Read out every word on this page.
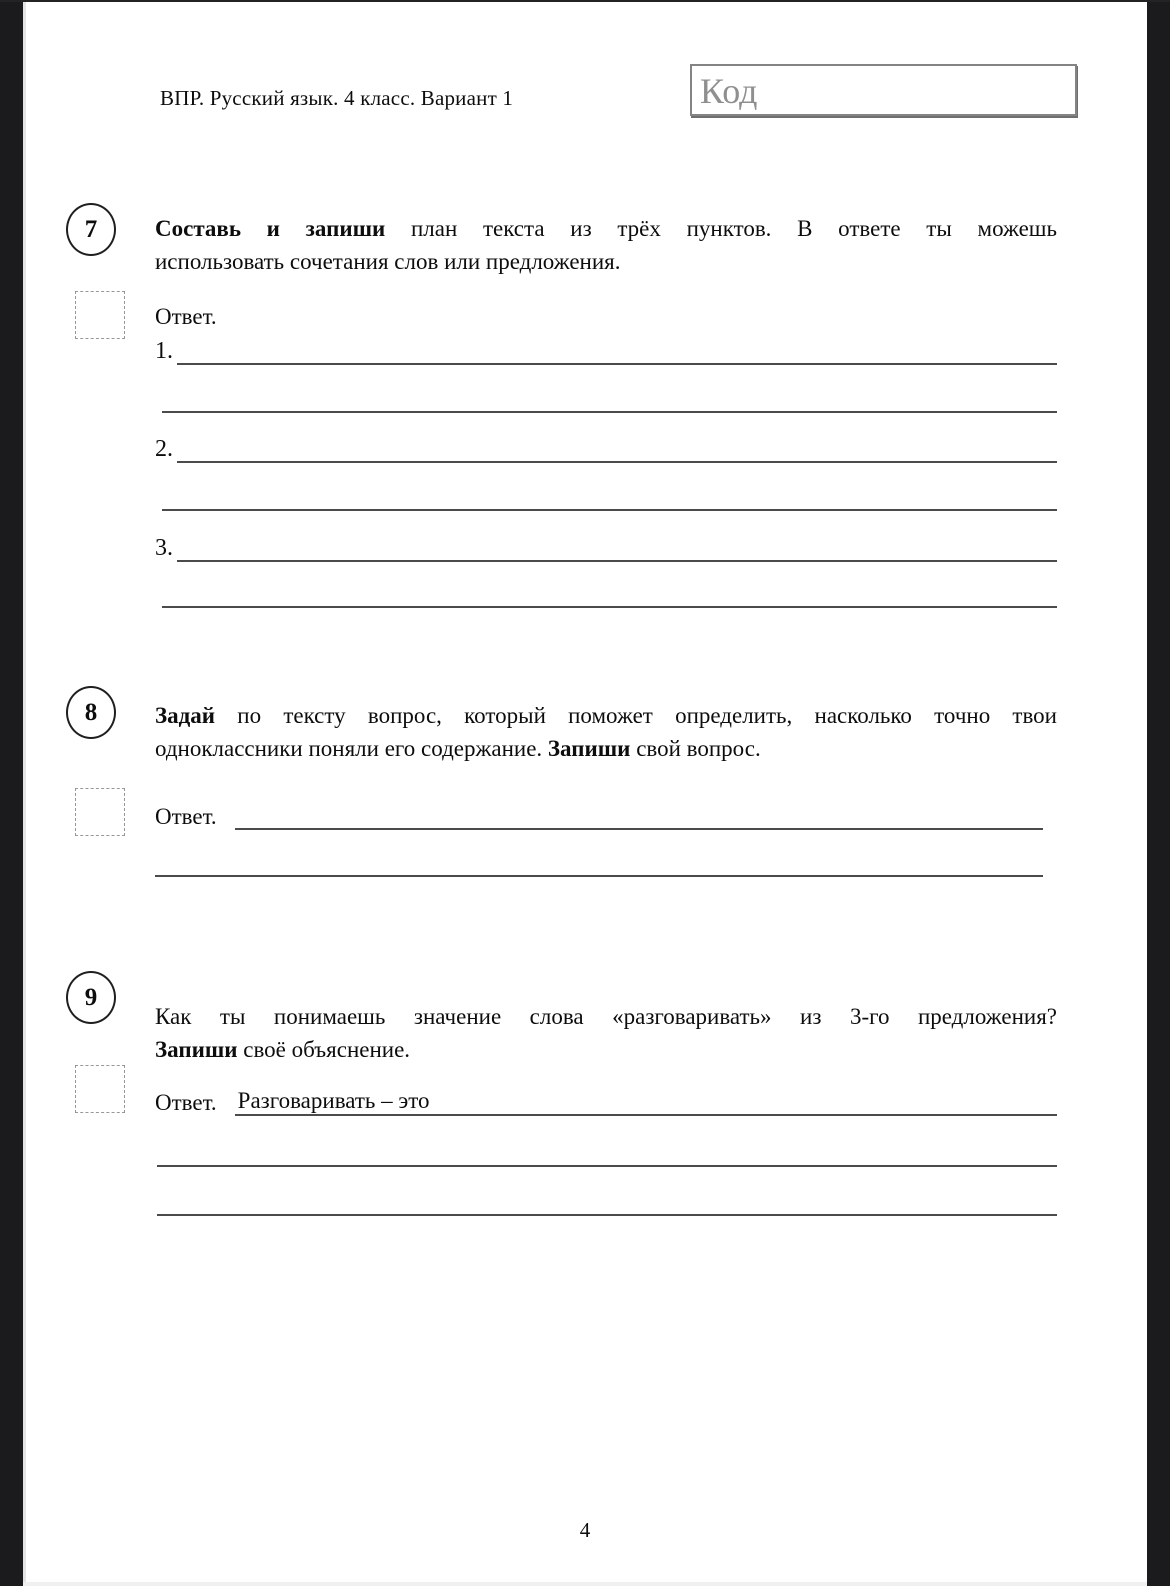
ВПР. Русский язык. 4 класс. Вариант 1	Код
7	Составь и запиши план текста из трёх пунктов. В ответе ты можешь
использовать сочетания слов или предложения.
Ответ.
1.
2.
3.
8	Задай по тексту вопрос, который поможет определить, насколько точно твои
одноклассники поняли его содержание. Запиши свой вопрос.
Ответ.
9
Как ты понимаешь значение слова «разговаривать» из 3-го предложения?
Запиши своё объяснение.
Ответ. Разговаривать – это
4
